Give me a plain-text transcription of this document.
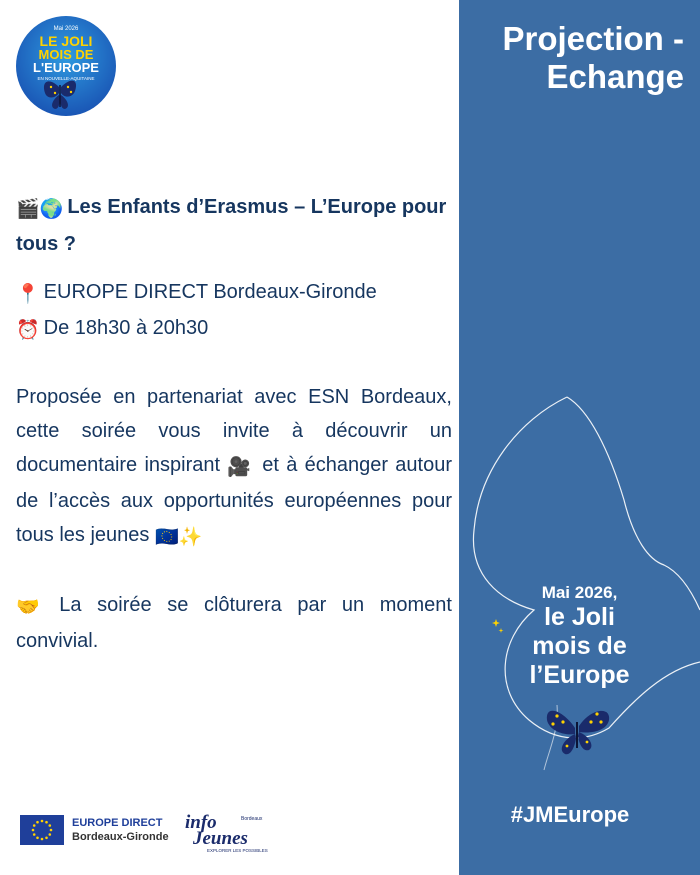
Mai 2026
LE JOLI
MOIS DE
L'EUROPE
EN NOUVELLE-AQUITAINE
🎬🌍 Les Enfants d’Erasmus – L’Europe pour
tous ?
📍 EUROPE DIRECT Bordeaux-Gironde
⏰ De 18h30 à 20h30

Proposée en partenariat avec ESN Bordeaux, cette soirée vous invite à découvrir un documentaire inspirant 🎥 et à échanger autour de l’accès aux opportunités européennes pour tous les jeunes 🇪🇺✨

🤝 La soirée se clôturera par un moment convivial.

EUROPE DIRECT
Bordeaux-Gironde
info	Bordeaux
Jeunes
EXPLORER LES POSSIBLES
Projection -
Echange
Mai 2026,
le Joli
mois de
l’Europe
#JMEurope
